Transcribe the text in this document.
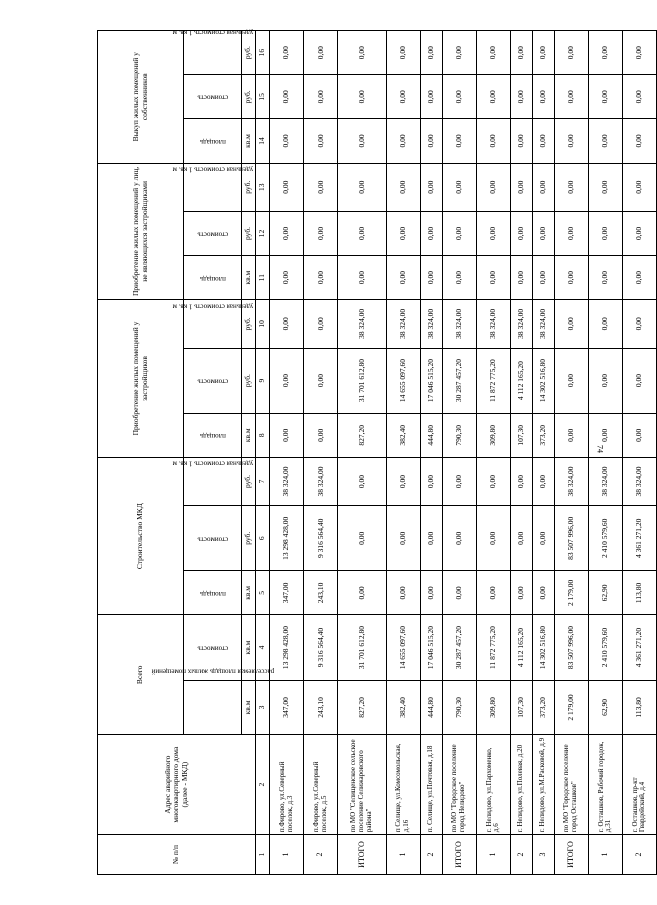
74
№ п/п	Адрес аварийного многоквартирного дома (далее - МКД)	Всего		Строительство МКД			Приобретение жилых помещений у застройщиков			Приобретение жилых помещений у лиц, не являющихся застройщиками			Выкуп жилых помещений у собственников		
		расселяемая площадь жилых помещений	стоимость	площадь	стоимость	удельная стоимость 1 кв. м	площадь	стоимость	удельная стоимость 1 кв. м	площадь	стоимость	удельная стоимость 1 кв. м	площадь	стоимость	удельная стоимость 1 кв. м
		кв.м	кв.м	кв.м	руб.	руб.	кв.м	руб.	руб.	кв.м	руб.	руб.	кв.м	руб.	руб.
1	2	3	4	5	6	7	8	9	10	11	12	13	14	15	16
1	п.Фирово, ул.Северный поселок, д.3	347,00	13 298 428,00	347,00	13 298 428,00	38 324,00	0,00	0,00	0,00	0,00	0,00	0,00	0,00	0,00	0,00
2	п.Фирово, ул.Северный поселок, д.5	243,10	9 316 564,40	243,10	9 316 564,40	38 324,00	0,00	0,00	0,00	0,00	0,00	0,00	0,00	0,00	0,00
ИТОГО	по МО "Селищенское сельское поселение Селижаровского района"	827,20	31 701 612,80	0,00	0,00	0,00	827,20	31 701 612,80	38 324,00	0,00	0,00	0,00	0,00	0,00	0,00
1	п Селище, ул.Комсомольская, д.16	382,40	14 655 097,60	0,00	0,00	0,00	382,40	14 655 097,60	38 324,00	0,00	0,00	0,00	0,00	0,00	0,00
2	п. Селище, ул.Почтовая, д.18	444,80	17 046 515,20	0,00	0,00	0,00	444,80	17 046 515,20	38 324,00	0,00	0,00	0,00	0,00	0,00	0,00
ИТОГО	по МО "Городское поселение город Нелидово"	790,30	30 287 457,20	0,00	0,00	0,00	790,30	30 287 457,20	38 324,00	0,00	0,00	0,00	0,00	0,00	0,00
1	г. Нелидово, ул.Пархоменко, д.6	309,80	11 872 775,20	0,00	0,00	0,00	309,80	11 872 775,20	38 324,00	0,00	0,00	0,00	0,00	0,00	0,00
2	г. Нелидово, ул.Полевая, д.20	107,30	4 112 165,20	0,00	0,00	0,00	107,30	4 112 165,20	38 324,00	0,00	0,00	0,00	0,00	0,00	0,00
3	г. Нелидово, ул.М.Расковой, д.9	373,20	14 302 516,80	0,00	0,00	0,00	373,20	14 302 516,80	38 324,00	0,00	0,00	0,00	0,00	0,00	0,00
ИТОГО	по МО "Городское поселение город Осташков"	2 179,00	83 507 996,00	2 179,00	83 507 996,00	38 324,00	0,00	0,00	0,00	0,00	0,00	0,00	0,00	0,00	0,00
1	г. Осташков, Рабочий городок, д.31	62,90	2 410 579,60	62,90	2 410 579,60	38 324,00	0,00	0,00	0,00	0,00	0,00	0,00	0,00	0,00	0,00
2	г. Осташков, пр-кт Гвардейский, д.4	113,80	4 361 271,20	113,80	4 361 271,20	38 324,00	0,00	0,00	0,00	0,00	0,00	0,00	0,00	0,00	0,00
